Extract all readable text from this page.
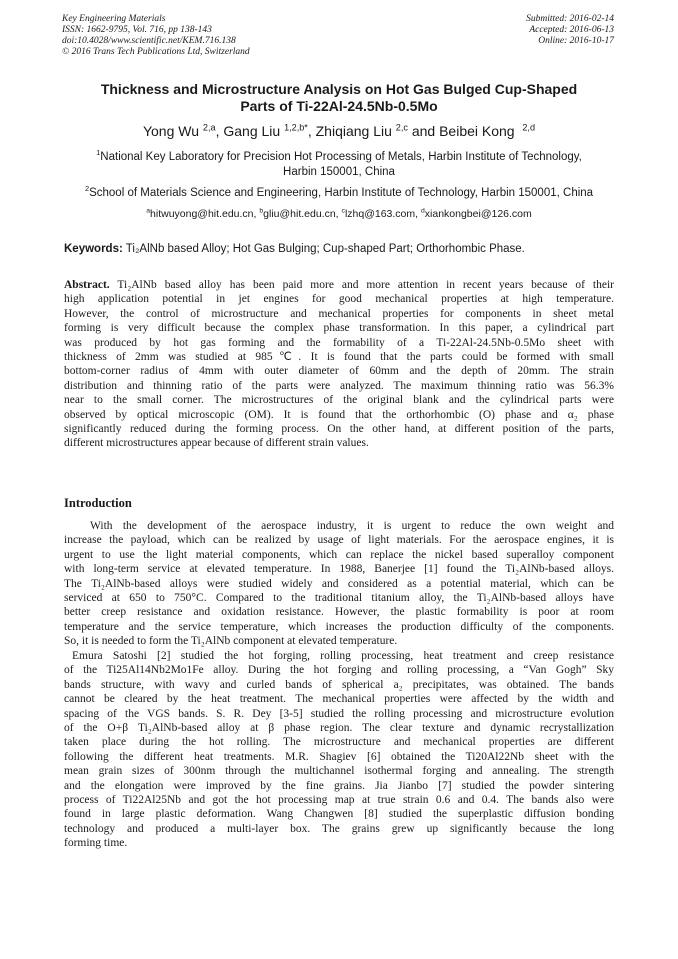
Key Engineering Materials
ISSN: 1662-9795, Vol. 716, pp 138-143
doi:10.4028/www.scientific.net/KEM.716.138
© 2016 Trans Tech Publications Ltd, Switzerland
Submitted: 2016-02-14
Accepted: 2016-06-13
Online: 2016-10-17
Thickness and Microstructure Analysis on Hot Gas Bulged Cup-Shaped
Parts of Ti-22Al-24.5Nb-0.5Mo
Yong Wu $^{2,a}$, Gang Liu $^{1,2,b*}$, Zhiqiang Liu $^{2,c}$ and Beibei Kong $^{2,d}$
$^1$National Key Laboratory for Precision Hot Processing of Metals, Harbin Institute of Technology,
Harbin 150001, China
$^2$School of Materials Science and Engineering, Harbin Institute of Technology, Harbin 150001, China
$^a$hitwuyong@hit.edu.cn, $^b$gliu@hit.edu.cn, $^c$lzhq@163.com, $^d$xiankongbei@126.com
Keywords: Ti₂AlNb based Alloy; Hot Gas Bulging; Cup-shaped Part; Orthorhombic Phase.
Abstract. Ti₂AlNb based alloy has been paid more and more attention in recent years because of their
high application potential in jet engines for good mechanical properties at high temperature.
However, the control of microstructure and mechanical properties for components in sheet metal
forming is very difficult because the complex phase transformation. In this paper, a cylindrical part
was produced by hot gas forming and the formability of a Ti-22Al-24.5Nb-0.5Mo sheet with
thickness of 2mm was studied at 985℃. It is found that the parts could be formed with small
bottom-corner radius of 4mm with outer diameter of 60mm and the depth of 20mm. The strain
distribution and thinning ratio of the parts were analyzed. The maximum thinning ratio was 56.3%
near to the small corner. The microstructures of the original blank and the cylindrical parts were
observed by optical microscopic (OM). It is found that the orthorhombic (O) phase and α₂ phase
significantly reduced during the forming process. On the other hand, at different position of the parts,
different microstructures appear because of different strain values.
Introduction
With the development of the aerospace industry, it is urgent to reduce the own weight and
increase the payload, which can be realized by usage of light materials. For the aerospace engines, it is
urgent to use the light material components, which can replace the nickel based superalloy component
with long-term service at elevated temperature. In 1988, Banerjee [1] found the Ti₂AlNb-based alloys.
The Ti₂AlNb-based alloys were studied widely and considered as a potential material, which can be
serviced at 650 to 750°C. Compared to the traditional titanium alloy, the Ti₂AlNb-based alloys have
better creep resistance and oxidation resistance. However, the plastic formability is poor at room
temperature and the service temperature, which increases the production difficulty of the components.
So, it is needed to form the Ti₂AlNb component at elevated temperature.
Emura Satoshi [2] studied the hot forging, rolling processing, heat treatment and creep resistance
of the Ti25Al14Nb2Mo1Fe alloy. During the hot forging and rolling processing, a “Van Gogh” Sky
bands structure, with wavy and curled bands of spherical a₂ precipitates, was obtained. The bands
cannot be cleared by the heat treatment. The mechanical properties were affected by the width and
spacing of the VGS bands. S. R. Dey [3-5] studied the rolling processing and microstructure evolution
of the O+β Ti₂AlNb-based alloy at β phase region. The clear texture and dynamic recrystallization
taken place during the hot rolling. The microstructure and mechanical properties are different
following the different heat treatments. M.R. Shagiev [6] obtained the Ti20Al22Nb sheet with the
mean grain sizes of 300nm through the multichannel isothermal forging and annealing. The strength
and the elongation were improved by the fine grains. Jia Jianbo [7] studied the powder sintering
process of Ti22Al25Nb and got the hot processing map at true strain 0.6 and 0.4. The bands also were
found in large plastic deformation. Wang Changwen [8] studied the superplastic diffusion bonding
technology and produced a multi-layer box. The grains grew up significantly because the long
forming time.
